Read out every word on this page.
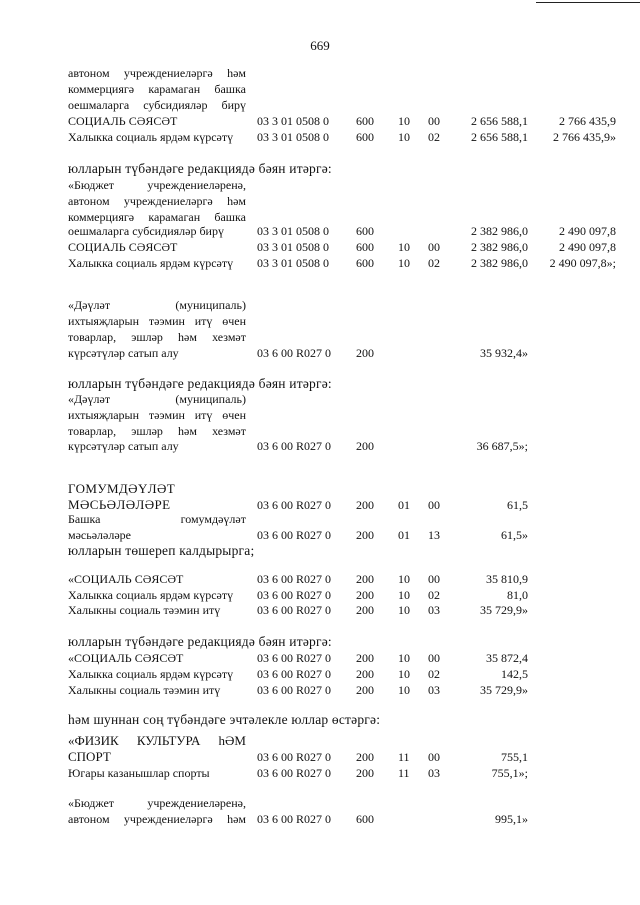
669
автоном учреждениеләргә һәм
коммерциягә карамаган башка
оешмаларга субсидияләр бирү
СОЦИАЛЬ СӘЯСӘТ	03 3 01 0508 0 600 10 00	2 656 588,1	2 766 435,9
Халыкка социаль ярдәм күрсәтү 03 3 01 0508 0 600 10 02	2 656 588,1	2 766 435,9»
юлларын түбәндәге редакциядә бәян итәргә:
«Бюджет учреждениеләренә,
автоном учреждениеләргә һәм
коммерциягә карамаган башка
оешмаларга субсидияләр бирү	03 3 01 0508 0 600	2 382 986,0	2 490 097,8
СОЦИАЛЬ СӘЯСӘТ	03 3 01 0508 0 600 10 00	2 382 986,0	2 490 097,8
Халыкка социаль ярдәм күрсәтү 03 3 01 0508 0 600 10 02	2 382 986,0	2 490 097,8»;
«Дәүләт (муниципаль)
ихтыяҗларын тәэмин итү өчен
товарлар, эшләр һәм хезмәт
күрсәтүләр сатып алу	03 6 00 R027 0 200	35 932,4»
юлларын түбәндәге редакциядә бәян итәргә:
«Дәүләт (муниципаль)
ихтыяҗларын тәэмин итү өчен
товарлар, эшләр һәм хезмәт
күрсәтүләр сатып алу	03 6 00 R027 0 200	36 687,5»;
ГОМУМДӘҮЛӘТ
МӘСЬӘЛӘЛӘРЕ	03 6 00 R027 0 200 01 00	61,5
Башка гомумдәүләт
мәсьәләләре	03 6 00 R027 0 200 01 13	61,5»
юлларын төшереп калдырырга;
«СОЦИАЛЬ СӘЯСӘТ	03 6 00 R027 0 200 10 00	35 810,9
Халыкка социаль ярдәм күрсәтү 03 6 00 R027 0 200 10 02	81,0
Халыкны социаль тәэмин итү	03 6 00 R027 0 200 10 03	35 729,9»
юлларын түбәндәге редакциядә бәян итәргә:
«СОЦИАЛЬ СӘЯСӘТ	03 6 00 R027 0 200 10 00	35 872,4
Халыкка социаль ярдәм күрсәтү 03 6 00 R027 0 200 10 02	142,5
Халыкны социаль тәэмин итү	03 6 00 R027 0 200 10 03	35 729,9»
һәм шуннан соң түбәндәге эчтәлекле юллар өстәргә:
«ФИЗИК КУЛЬТУРА һӘМ
СПОРТ	03 6 00 R027 0 200 11 00	755,1
Югары казанышлар спорты	03 6 00 R027 0 200 11 03	755,1»;
«Бюджет учреждениеләренә,
автоном учреждениеләргә һәм 03 6 00 R027 0 600	995,1»
